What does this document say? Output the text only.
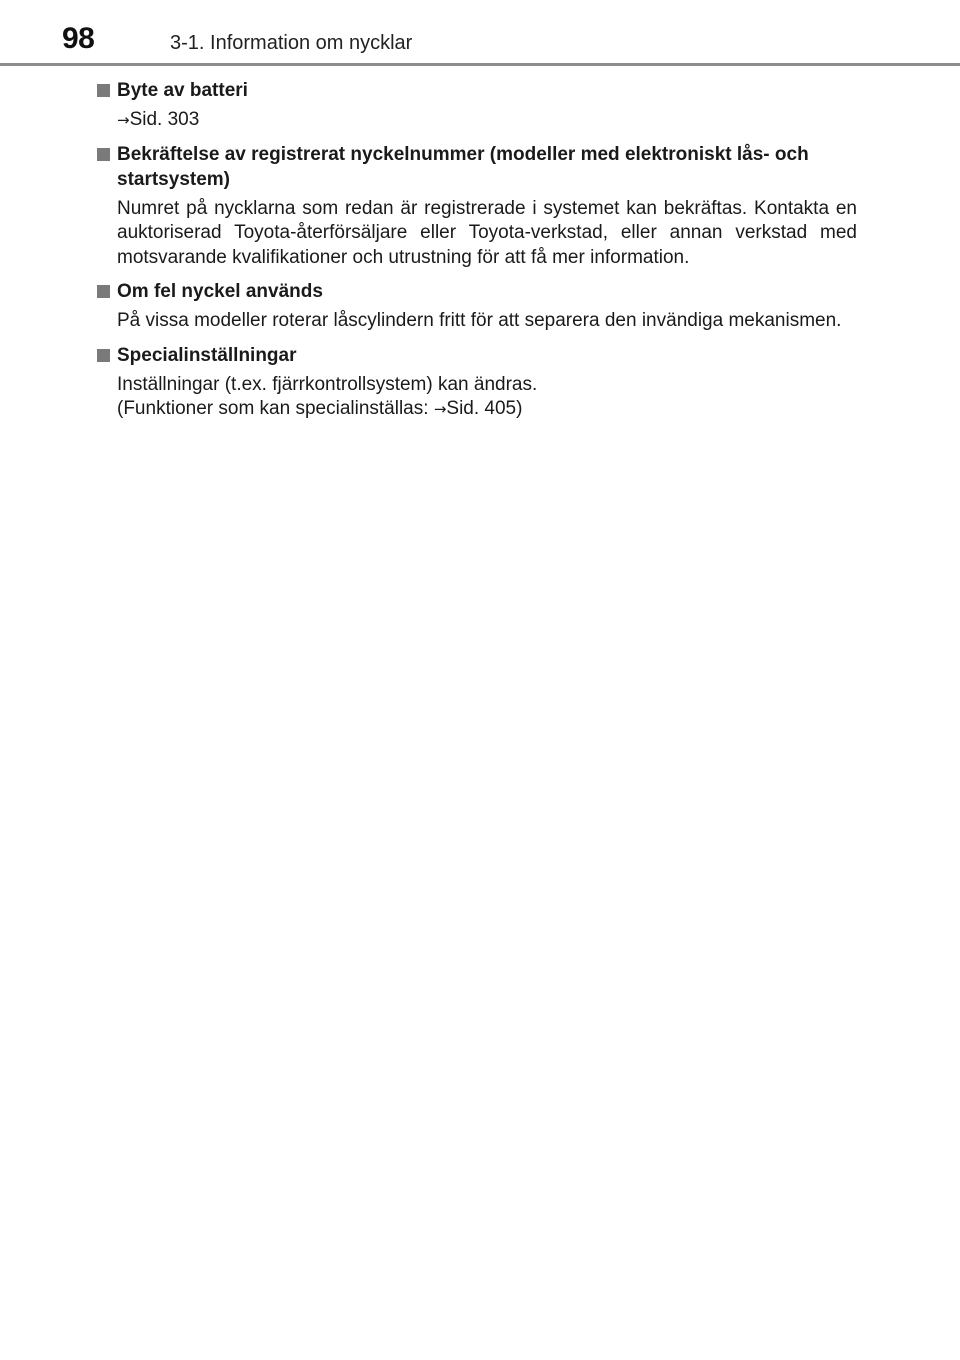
98	3-1. Information om nycklar
Byte av batteri

→Sid. 303

Bekräftelse av registrerat nyckelnummer (modeller med elektroniskt lås- och startsystem)

Numret på nycklarna som redan är registrerade i systemet kan bekräftas. Kontakta en auktoriserad Toyota-återförsäljare eller Toyota-verkstad, eller annan verkstad med motsvarande kvalifikationer och utrustning för att få mer information.

Om fel nyckel används

På vissa modeller roterar låscylindern fritt för att separera den invändiga mekanismen.

Specialinställningar

Inställningar (t.ex. fjärrkontrollsystem) kan ändras.

(Funktioner som kan specialinställas: →Sid. 405)
